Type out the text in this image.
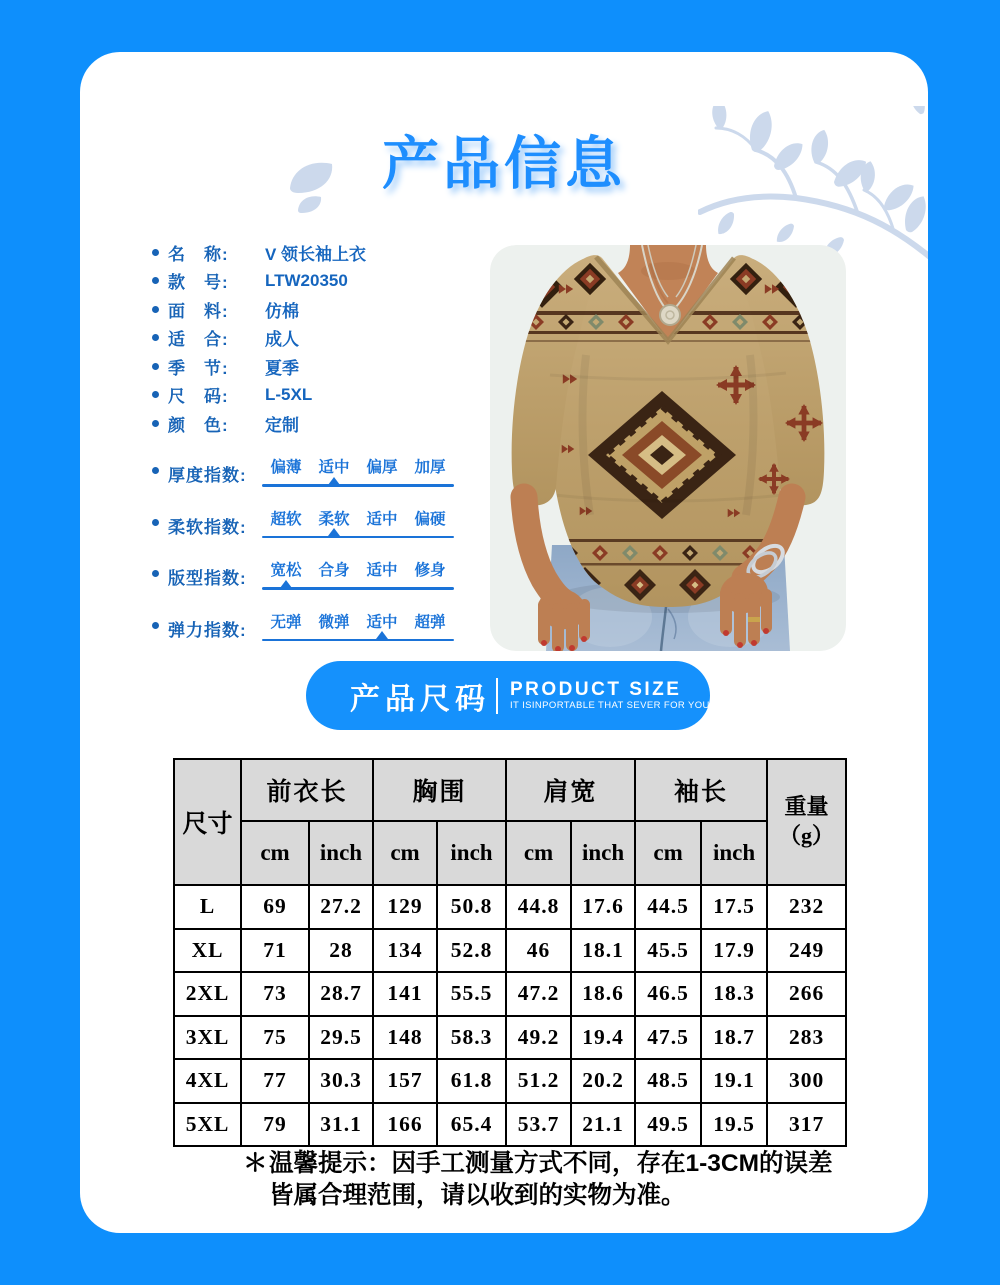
产品信息
名　称: V 领长袖上衣
款　号: LTW20350
面　料: 仿棉
适　合: 成人
季　节: 夏季
尺　码: L-5XL
颜　色: 定制
厚度指数:	偏薄	适中	偏厚	加厚
柔软指数:	超软	柔软	适中	偏硬
版型指数:	宽松	合身	适中	修身
弹力指数:	无弹	微弹	适中	超弹
产品尺码 PRODUCT SIZE
IT ISINPORTABLE THAT SEVER FOR YOU
尺寸	前衣长		胸围		肩宽		袖长		重量
（g）

	cm	inch	cm	inch	cm	inch	cm	inch	
L	69	27.2	129	50.8	44.8	17.6	44.5	17.5	232
XL	71	28	134	52.8	46	18.1	45.5	17.9	249
2XL	73	28.7	141	55.5	47.2	18.6	46.5	18.3	266
3XL	75	29.5	148	58.3	49.2	19.4	47.5	18.7	283
4XL	77	30.3	157	61.8	51.2	20.2	48.5	19.1	300
5XL	79	31.1	166	65.4	53.7	21.1	49.5	19.5	317
＊ 温馨提示：因手工测量方式不同，存在1-3CM的误差皆属合理范围，请以收到的实物为准。
